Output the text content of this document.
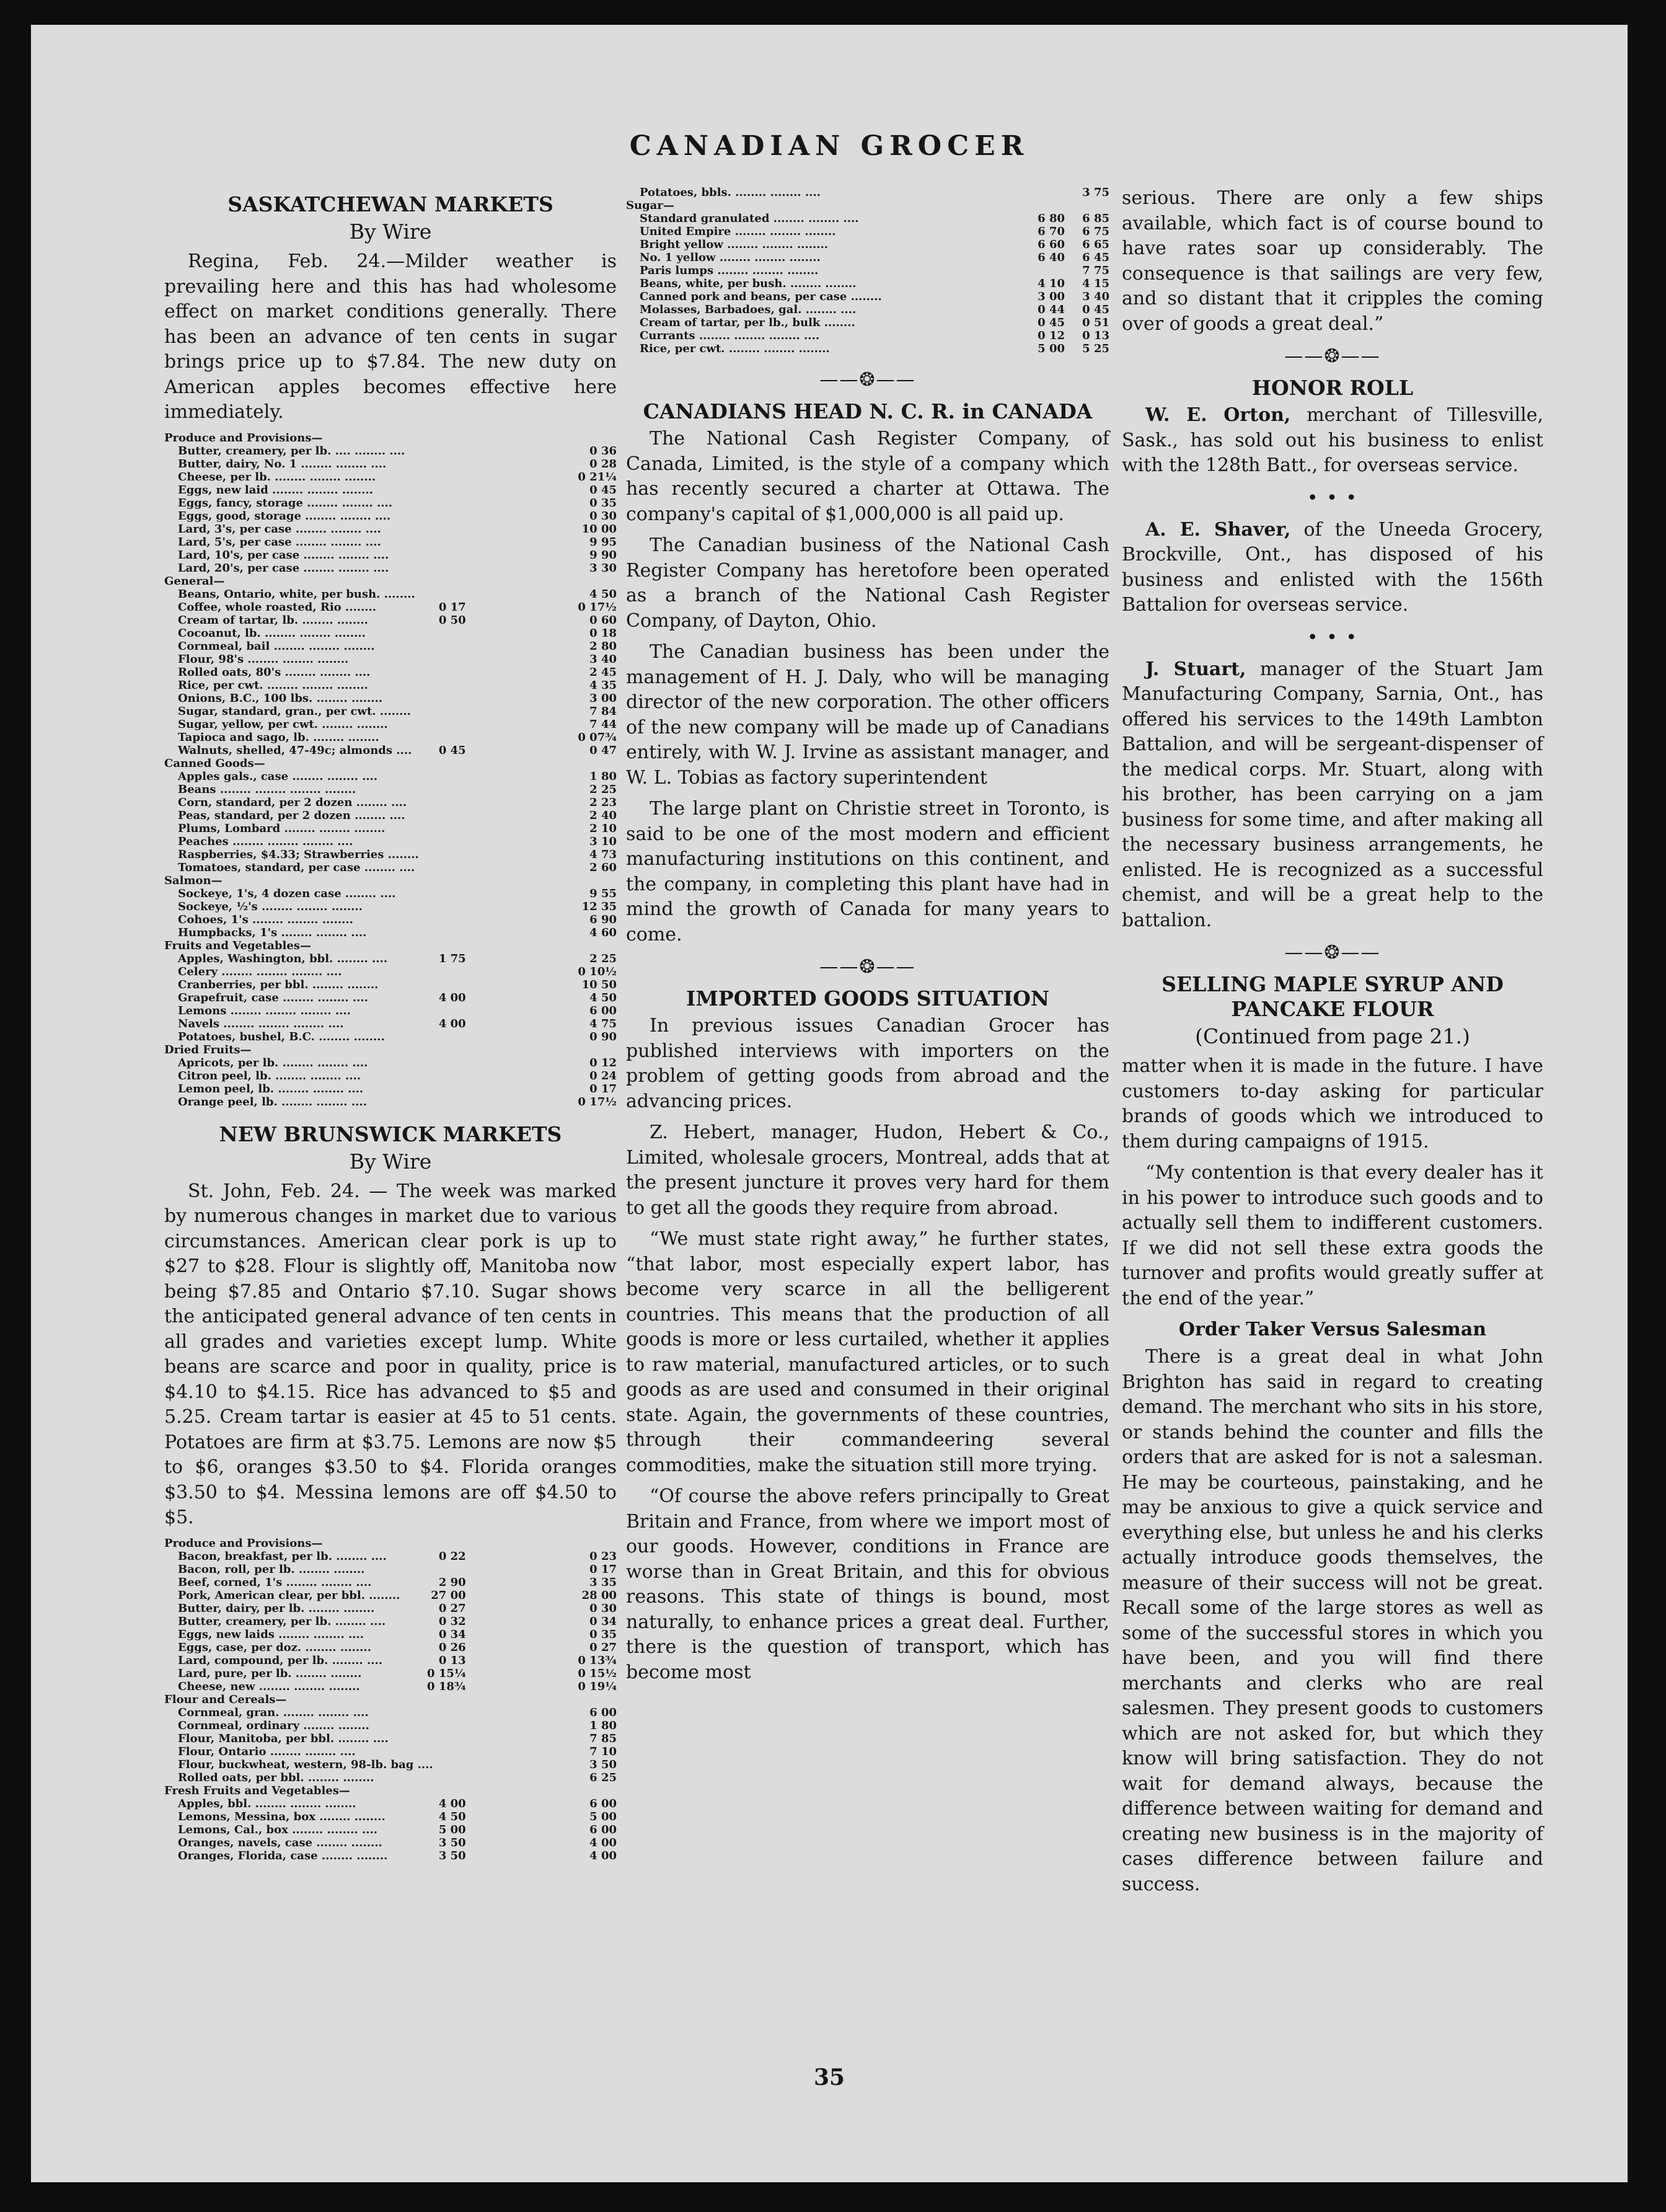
CANADIAN GROCER
SASKATCHEWAN MARKETS
By Wire

Regina, Feb. 24.—Milder weather is prevailing here and this has had wholesome effect on market conditions generally. There has been an advance of ten cents in sugar brings price up to $7.84. The new duty on American apples becomes effective here immediately.

Produce and Provisions—		
Butter, creamery, per lb. .... ........ ....		0 36
Butter, dairy, No. 1 ........ ........ ....		0 28
Cheese, per lb. ........ ........ ........		0 21¼
Eggs, new laid ........ ........ ........		0 45
Eggs, fancy, storage ........ ........ ....		0 35
Eggs, good, storage ........ ........ ....		0 30
Lard, 3's, per case ........ ........ ....		10 00
Lard, 5's, per case ........ ........ ....		9 95
Lard, 10's, per case ........ ........ ....		9 90
Lard, 20's, per case ........ ........ ....		3 30
General—		
Beans, Ontario, white, per bush. ........		4 50
Coffee, whole roasted, Rio ........	0 17	0 17½
Cream of tartar, lb. ........ ........	0 50	0 60
Cocoanut, lb. ........ ........ ........		0 18
Cornmeal, bail ........ ........ ........		2 80
Flour, 98's ........ ........ ........		3 40
Rolled oats, 80's ........ ........ ....		2 45
Rice, per cwt. ........ ........ ........		4 35
Onions, B.C., 100 lbs. ........ ........		3 00
Sugar, standard, gran., per cwt. ........		7 84
Sugar, yellow, per cwt. ........ ........		7 44
Tapioca and sago, lb. ........ ........		0 07¾
Walnuts, shelled, 47-49c; almonds ....	0 45	0 47
Canned Goods—		
Apples gals., case ........ ........ ....		1 80
Beans ........ ........ ........ ........		2 25
Corn, standard, per 2 dozen ........ ....		2 23
Peas, standard, per 2 dozen ........ ....		2 40
Plums, Lombard ........ ........ ........		2 10
Peaches ........ ........ ........ ....		3 10
Raspberries, $4.33; Strawberries ........		4 73
Tomatoes, standard, per case ........ ....		2 60
Salmon—		
Sockeye, 1's, 4 dozen case ........ ....		9 55
Sockeye, ½'s ........ ........ ........		12 35
Cohoes, 1's ........ ........ ........		6 90
Humpbacks, 1's ........ ........ ....		4 60
Fruits and Vegetables—		
Apples, Washington, bbl. ........ ....	1 75	2 25
Celery ........ ........ ........ ....		0 10½
Cranberries, per bbl. ........ ........		10 50
Grapefruit, case ........ ........ ....	4 00	4 50
Lemons ........ ........ ........ ....		6 00
Navels ........ ........ ........ ....	4 00	4 75
Potatoes, bushel, B.C. ........ ........		0 90
Dried Fruits—		
Apricots, per lb. ........ ........ ....		0 12
Citron peel, lb. ........ ........ ....		0 24
Lemon peel, lb. ........ ........ ....		0 17
Orange peel, lb. ........ ........ ....		0 17½
NEW BRUNSWICK MARKETS
By Wire

St. John, Feb. 24. — The week was marked by numerous changes in market due to various circumstances. American clear pork is up to $27 to $28. Flour is slightly off, Manitoba now being $7.85 and Ontario $7.10. Sugar shows the anticipated general advance of ten cents in all grades and varieties except lump. White beans are scarce and poor in quality, price is $4.10 to $4.15. Rice has advanced to $5 and 5.25. Cream tartar is easier at 45 to 51 cents. Potatoes are firm at $3.75. Lemons are now $5 to $6, oranges $3.50 to $4. Florida oranges $3.50 to $4. Messina lemons are off $4.50 to $5.

Produce and Provisions—		
Bacon, breakfast, per lb. ........ ....	0 22	0 23
Bacon, roll, per lb. ........ ........		0 17
Beef, corned, 1's ........ ........ ....	2 90	3 35
Pork, American clear, per bbl. ........	27 00	28 00
Butter, dairy, per lb. ........ ........	0 27	0 30
Butter, creamery, per lb. ........ ....	0 32	0 34
Eggs, new laids ........ ........ ....	0 34	0 35
Eggs, case, per doz. ........ ........	0 26	0 27
Lard, compound, per lb. ........ ....	0 13	0 13¾
Lard, pure, per lb. ........ ........	0 15¼	0 15½
Cheese, new ........ ........ ........	0 18¾	0 19¼
Flour and Cereals—		
Cornmeal, gran. ........ ........ ....		6 00
Cornmeal, ordinary ........ ........		1 80
Flour, Manitoba, per bbl. ........ ....		7 85
Flour, Ontario ........ ........ ....		7 10
Flour, buckwheat, western, 98-lb. bag ....		3 50
Rolled oats, per bbl. ........ ........		6 25
Fresh Fruits and Vegetables—		
Apples, bbl. ........ ........ ........	4 00	6 00
Lemons, Messina, box ........ ........	4 50	5 00
Lemons, Cal., box ........ ........ ....	5 00	6 00
Oranges, navels, case ........ ........	3 50	4 00
Oranges, Florida, case ........ ........	3 50	4 00
Potatoes, bbls. ........ ........ ....		3 75
Sugar—		
Standard granulated ........ ........ ....	6 80	6 85
United Empire ........ ........ ........	6 70	6 75
Bright yellow ........ ........ ........	6 60	6 65
No. 1 yellow ........ ........ ........	6 40	6 45
Paris lumps ........ ........ ........		7 75
Beans, white, per bush. ........ ........	4 10	4 15
Canned pork and beans, per case ........	3 00	3 40
Molasses, Barbadoes, gal. ........ ....	0 44	0 45
Cream of tartar, per lb., bulk ........	0 45	0 51
Currants ........ ........ ........ ....	0 12	0 13
Rice, per cwt. ........ ........ ........	5 00	5 25
——❂——
CANADIANS HEAD N. C. R. in CANADA

The National Cash Register Company, of Canada, Limited, is the style of a company which has recently secured a charter at Ottawa. The company's capital of $1,000,000 is all paid up.

The Canadian business of the National Cash Register Company has heretofore been operated as a branch of the National Cash Register Company, of Dayton, Ohio.

The Canadian business has been under the management of H. J. Daly, who will be managing director of the new corporation. The other officers of the new company will be made up of Canadians entirely, with W. J. Irvine as assistant manager, and W. L. Tobias as factory superintendent

The large plant on Christie street in Toronto, is said to be one of the most modern and efficient manufacturing institutions on this continent, and the company, in completing this plant have had in mind the growth of Canada for many years to come.

——❂——
IMPORTED GOODS SITUATION

In previous issues Canadian Grocer has published interviews with importers on the problem of getting goods from abroad and the advancing prices.

Z. Hebert, manager, Hudon, Hebert & Co., Limited, wholesale grocers, Montreal, adds that at the present juncture it proves very hard for them to get all the goods they require from abroad.

“We must state right away,” he further states, “that labor, most especially expert labor, has become very scarce in all the belligerent countries. This means that the production of all goods is more or less curtailed, whether it applies to raw material, manufactured articles, or to such goods as are used and consumed in their original state. Again, the governments of these countries, through their commandeering several commodities, make the situation still more trying.

“Of course the above refers principally to Great Britain and France, from where we import most of our goods. However, conditions in France are worse than in Great Britain, and this for obvious reasons. This state of things is bound, most naturally, to enhance prices a great deal. Further, there is the question of transport, which has become most

serious. There are only a few ships available, which fact is of course bound to have rates soar up considerably. The consequence is that sailings are very few, and so distant that it cripples the coming over of goods a great deal.”

——❂——
HONOR ROLL

W. E. Orton, merchant of Tillesville, Sask., has sold out his business to enlist with the 128th Batt., for overseas service.

• • •

A. E. Shaver, of the Uneeda Grocery, Brockville, Ont., has disposed of his business and enlisted with the 156th Battalion for overseas service.

• • •

J. Stuart, manager of the Stuart Jam Manufacturing Company, Sarnia, Ont., has offered his services to the 149th Lambton Battalion, and will be sergeant-dispenser of the medical corps. Mr. Stuart, along with his brother, has been carrying on a jam business for some time, and after making all the necessary business arrangements, he enlisted. He is recognized as a successful chemist, and will be a great help to the battalion.

——❂——
SELLING MAPLE SYRUP AND PANCAKE FLOUR
(Continued from page 21.)

matter when it is made in the future. I have customers to-day asking for particular brands of goods which we introduced to them during campaigns of 1915.

“My contention is that every dealer has it in his power to introduce such goods and to actually sell them to indifferent customers. If we did not sell these extra goods the turnover and profits would greatly suffer at the end of the year.”

Order Taker Versus Salesman

There is a great deal in what John Brighton has said in regard to creating demand. The merchant who sits in his store, or stands behind the counter and fills the orders that are asked for is not a salesman. He may be courteous, painstaking, and he may be anxious to give a quick service and everything else, but unless he and his clerks actually introduce goods themselves, the measure of their success will not be great. Recall some of the large stores as well as some of the successful stores in which you have been, and you will find there merchants and clerks who are real salesmen. They present goods to customers which are not asked for, but which they know will bring satisfaction. They do not wait for demand always, because the difference between waiting for demand and creating new business is in the majority of cases difference between failure and success.

35
